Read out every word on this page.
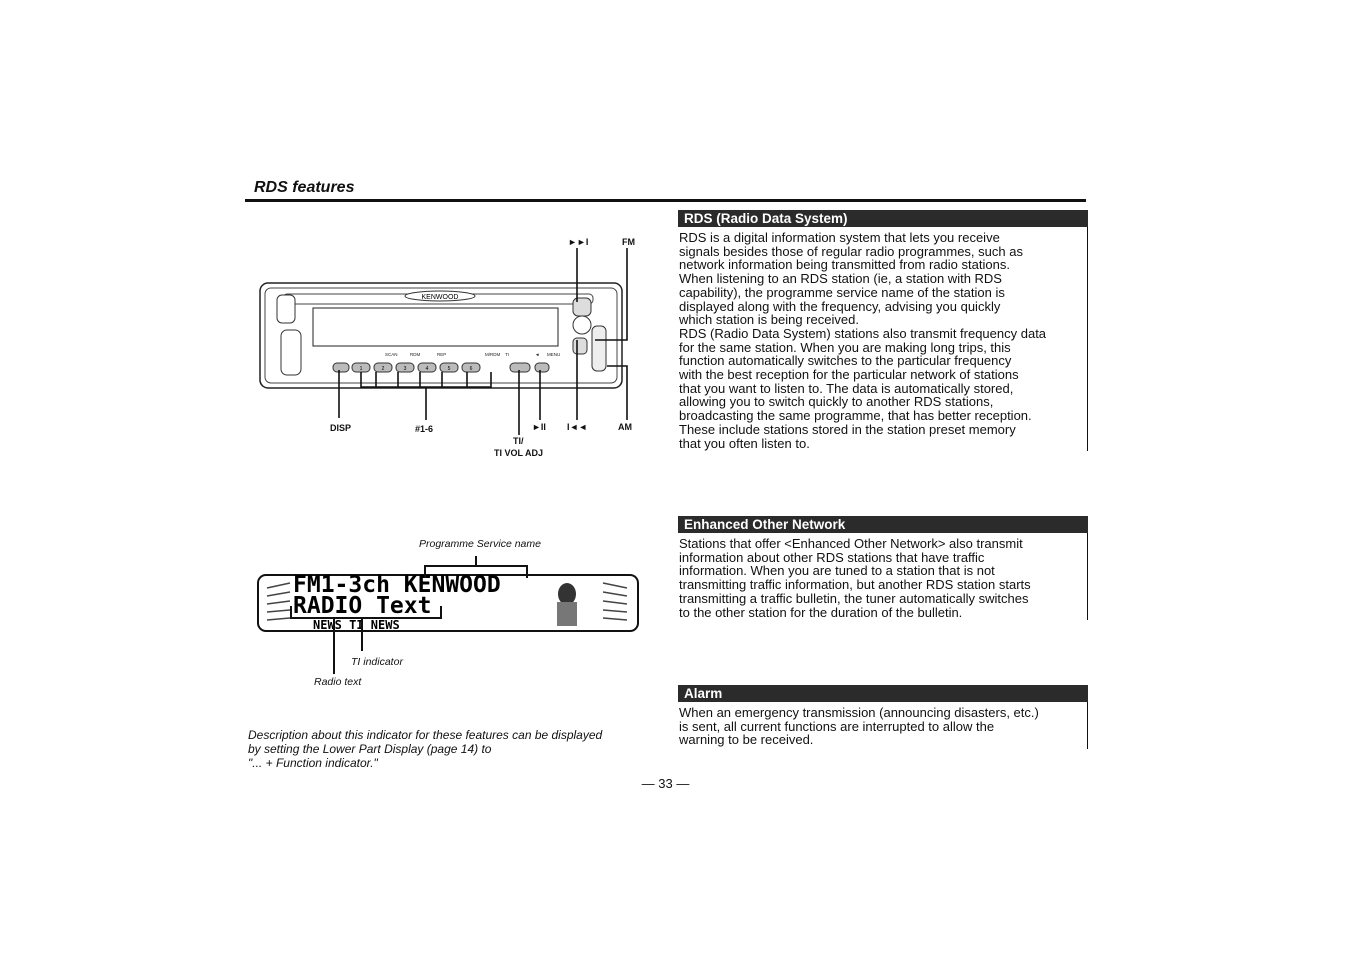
RDS features
KENWOOD
SCAN	RDM	REP	M/RDM TI	◄ MENU
1	2	3	4	5	6
►►I	FM
DISP	#1-6
TI/
TI VOL ADJ
►II I◄◄	AM
Programme Service name
FM1-3ch KENWOOD
RADIO Text
NEWS TI NEWS
TI indicator
Radio text
Description about this indicator for these features can be displayed
by setting the Lower Part Display (page 14) to
"... + Function indicator."
RDS (Radio Data System)
RDS is a digital information system that lets you receive
signals besides those of regular radio programmes, such as
network information being transmitted from radio stations.
When listening to an RDS station (ie, a station with RDS
capability), the programme service name of the station is
displayed along with the frequency, advising you quickly
which station is being received.
RDS (Radio Data System) stations also transmit frequency data
for the same station. When you are making long trips, this
function automatically switches to the particular frequency
with the best reception for the particular network of stations
that you want to listen to. The data is automatically stored,
allowing you to switch quickly to another RDS stations,
broadcasting the same programme, that has better reception.
These include stations stored in the station preset memory
that you often listen to.
Enhanced Other Network
Stations that offer <Enhanced Other Network> also transmit
information about other RDS stations that have traffic
information. When you are tuned to a station that is not
transmitting traffic information, but another RDS station starts
transmitting a traffic bulletin, the tuner automatically switches
to the other station for the duration of the bulletin.
Alarm
When an emergency transmission (announcing disasters, etc.)
is sent, all current functions are interrupted to allow the
warning to be received.
— 33 —
